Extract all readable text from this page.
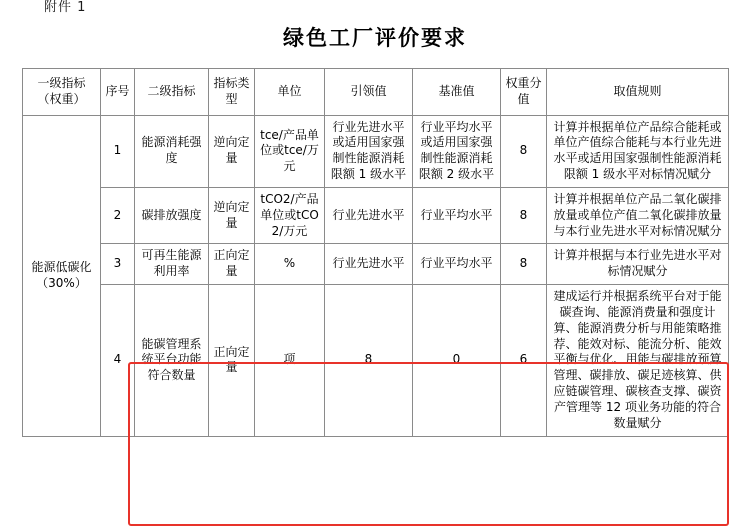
附件 1
绿色工厂评价要求
一级指标（权重）	序号	二级指标	指标类型	单位	引领值	基准值	权重分值	取值规则
能源低碳化（30%）	1	能源消耗强度	逆向定量	tce/产品单位或tce/万元	行业先进水平或适用国家强制性能源消耗限额 1 级水平	行业平均水平或适用国家强制性能源消耗限额 2 级水平	8	计算并根据单位产品综合能耗或单位产值综合能耗与本行业先进水平或适用国家强制性能源消耗限额 1 级水平对标情况赋分
	2	碳排放强度	逆向定量	tCO2/产品单位或tCO2/万元	行业先进水平	行业平均水平	8	计算并根据单位产品二氧化碳排放量或单位产值二氧化碳排放量与本行业先进水平对标情况赋分
	3	可再生能源利用率	正向定量	%	行业先进水平	行业平均水平	8	计算并根据与本行业先进水平对标情况赋分
	4	能碳管理系统平台功能符合数量	正向定量	项	8	0	6	建成运行并根据系统平台对于能碳查询、能源消费量和强度计算、能源消费分析与用能策略推荐、能效对标、能流分析、能效平衡与优化、用能与碳排放预算管理、碳排放、碳足迹核算、供应链碳管理、碳核查支撑、碳资产管理等 12 项业务功能的符合数量赋分
